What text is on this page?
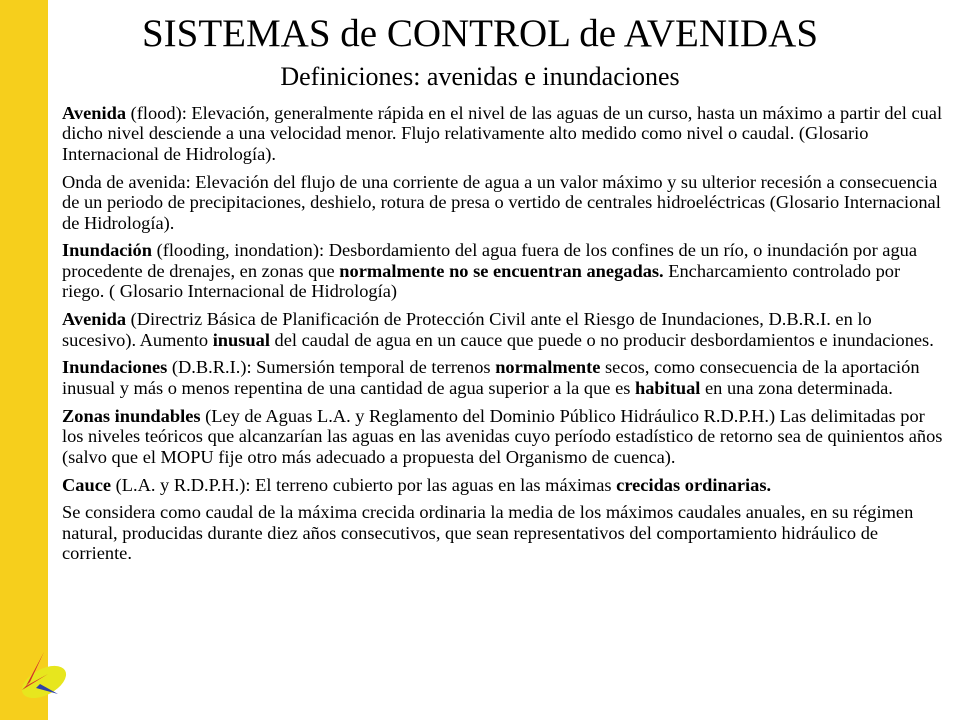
SISTEMAS de CONTROL de AVENIDAS
Definiciones: avenidas e inundaciones

Avenida (flood): Elevación, generalmente rápida en el nivel de las aguas de un curso, hasta un máximo a partir del cual dicho nivel desciende a una velocidad menor. Flujo relativamente alto medido como nivel o caudal. (Glosario Internacional de Hidrología).

Onda de avenida: Elevación del flujo de una corriente de agua a un valor máximo y su ulterior recesión a consecuencia de un periodo de precipitaciones, deshielo, rotura de presa o vertido de centrales hidroeléctricas (Glosario Internacional de Hidrología).

Inundación (flooding, inondation): Desbordamiento del agua fuera de los confines de un río, o inundación por agua procedente de drenajes, en zonas que normalmente no se encuentran anegadas. Encharcamiento controlado por riego. ( Glosario Internacional de Hidrología)

Avenida (Directriz Básica de Planificación de Protección Civil ante el Riesgo de Inundaciones, D.B.R.I. en lo sucesivo). Aumento inusual del caudal de agua en un cauce que puede o no producir desbordamientos e inundaciones.

Inundaciones (D.B.R.I.): Sumersión temporal de terrenos normalmente secos, como consecuencia de la aportación inusual y más o menos repentina de una cantidad de agua superior a la que es habitual en una zona determinada.

Zonas inundables (Ley de Aguas L.A. y Reglamento del Dominio Público Hidráulico R.D.P.H.) Las delimitadas por los niveles teóricos que alcanzarían las aguas en las avenidas cuyo período estadístico de retorno sea de quinientos años (salvo que el MOPU fije otro más adecuado a propuesta del Organismo de cuenca).

Cauce (L.A. y R.D.P.H.): El terreno cubierto por las aguas en las máximas crecidas ordinarias.

Se considera como caudal de la máxima crecida ordinaria la media de los máximos caudales anuales, en su régimen natural, producidas durante diez años consecutivos, que sean representativos del comportamiento hidráulico de corriente.
